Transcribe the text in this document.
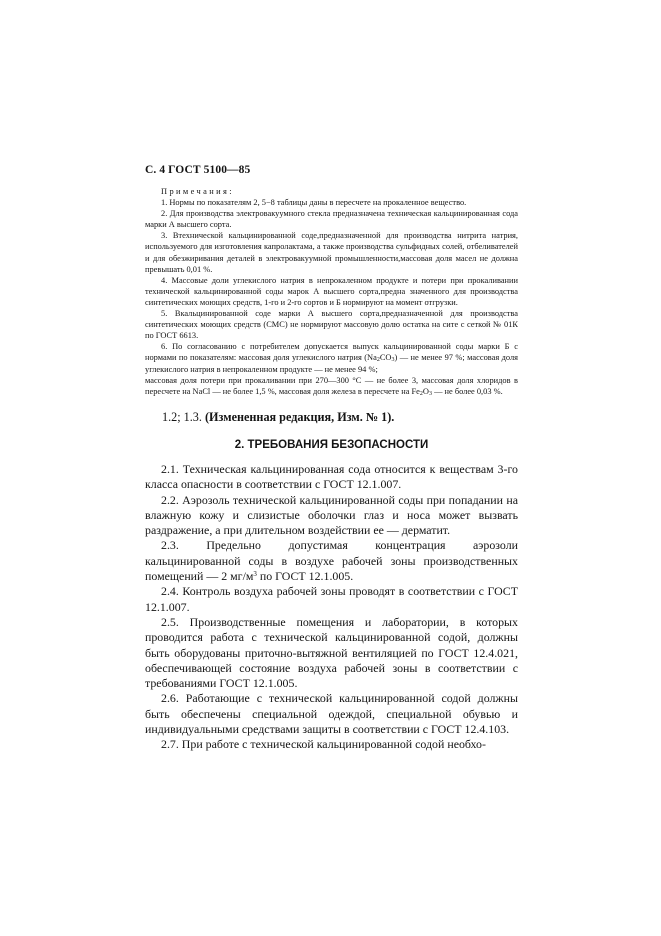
С. 4 ГОСТ 5100—85

Примечания:

1. Нормы по показателям 2, 5−8 таблицы даны в пересчете на прокаленное вещество.

2. Для производства электровакуумного стекла предназначена техническая кальцинированная сода марки А высшего сорта.

3. Втехнической кальцинированной соде,предназначенной для производства нитрита натрия, используемого для изготовления капролактама, а также производства сульфидных солей, отбеливателей и для обезжиривания деталей в электровакуумной промышленности,массовая доля масел не должна превышать 0,01 %.

4. Массовые доли углекислого натрия в непрокаленном продукте и потери при прокаливании технической кальцинированной соды марок А высшего сорта,предна значенного для производства синтетических моющих средств, 1-го и 2-го сортов и Б нормируют на момент отгрузки.

5. Вкальцинированной соде марки А высшего сорта,предназначенной для производства синтетических моющих средств (СМС) не нормируют массовую долю остатка на сите с сеткой № 01К по ГОСТ 6613.

6. По согласованию с потребителем допускается выпуск кальцинированной соды марки Б с нормами по показателям: массовая доля углекислого натрия $(Na_2CO_3)$ — не менее 97 %; массовая доля углекислого натрия в непрокаленном продукте — не менее 94 %;

массовая доля потери при прокаливании при 270—300 °С — не более 3, массовая доля хлоридов в пересчете на NaCl — не более 1,5 %, массовая доля железа в пересчете на $Fe_2O_3$ — не более 0,03 %.

1.2; 1.3. (Измененная редакция, Изм. № 1).
2. ТРЕБОВАНИЯ БЕЗОПАСНОСТИ

2.1. Техническая кальцинированная сода относится к веществам 3-го класса опасности в соответствии с ГОСТ 12.1.007.

2.2. Аэрозоль технической кальцинированной соды при попадании на влажную кожу и слизистые оболочки глаз и носа может вызвать раздражение, а при длительном воздействии ее — дерматит.

2.3. Предельно допустимая концентрация аэрозоли кальцинированной соды в воздухе рабочей зоны производственных помещений — 2 $мг/м^3$ по ГОСТ 12.1.005.

2.4. Контроль воздуха рабочей зоны проводят в соответствии с ГОСТ 12.1.007.

2.5. Производственные помещения и лаборатории, в которых проводится работа с технической кальцинированной содой, должны быть оборудованы приточно-вытяжной вентиляцией по ГОСТ 12.4.021, обеспечивающей состояние воздуха рабочей зоны в соответствии с требованиями ГОСТ 12.1.005.

2.6. Работающие с технической кальцинированной содой должны быть обеспечены специальной одеждой, специальной обувью и индивидуальными средствами защиты в соответствии с ГОСТ 12.4.103.

2.7. При работе с технической кальцинированной содой необхо-
